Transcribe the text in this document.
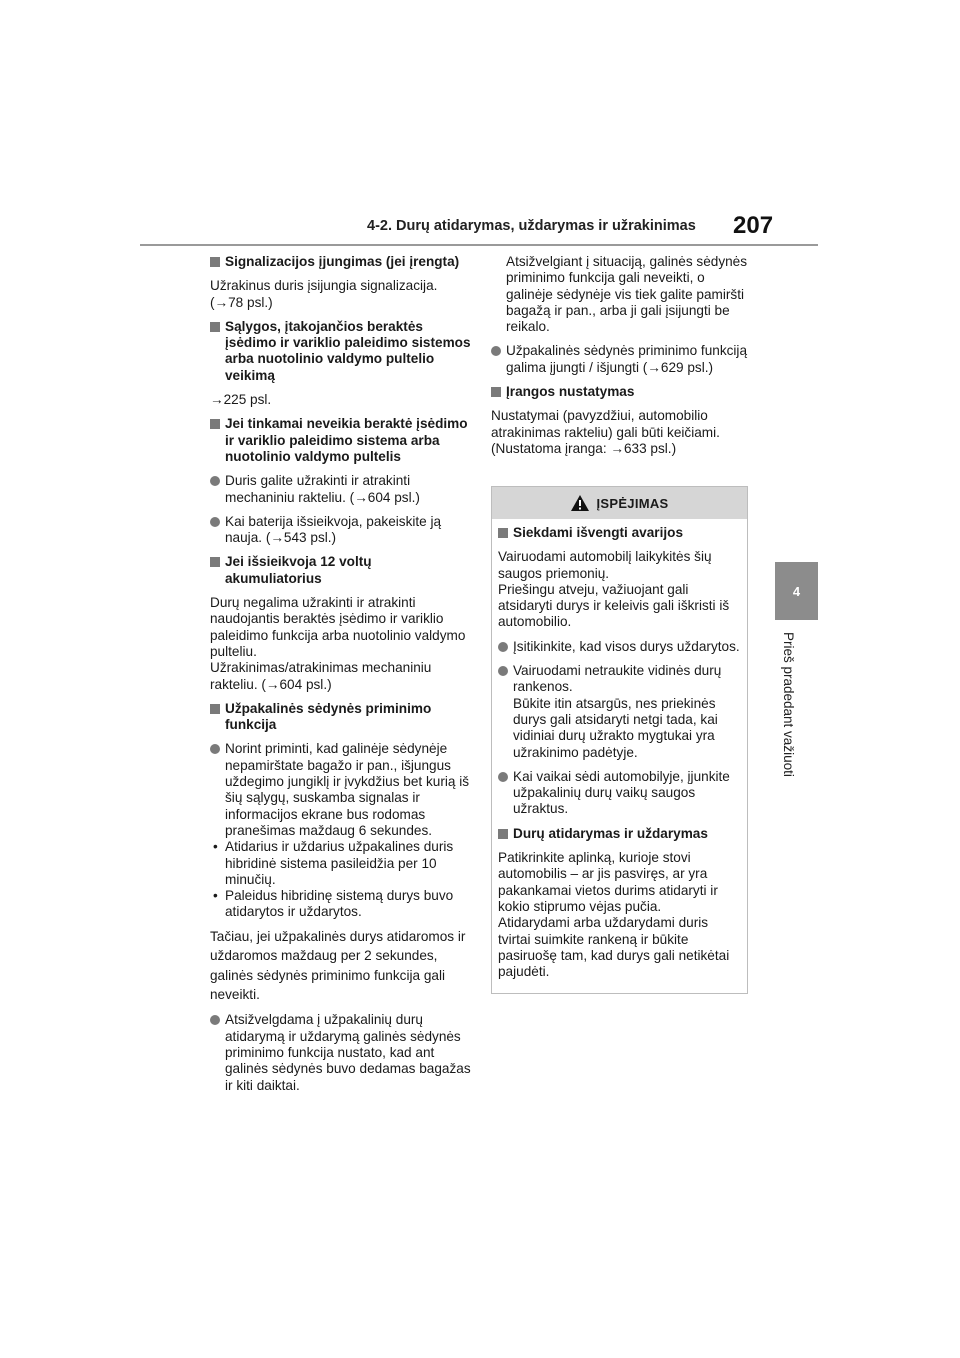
4-2. Durų atidarymas, uždarymas ir užrakinimas 207
4
Prieš pradedant važiuoti
Signalizacijos įjungimas (jei įrengta)
Užrakinus duris įsijungia signalizacija.
(→78 psl.)
Sąlygos, įtakojančios beraktės įsėdimo ir variklio paleidimo sistemos arba nuotolinio valdymo pultelio veikimą
→225 psl.
Jei tinkamai neveikia beraktė įsėdimo ir variklio paleidimo sistema arba nuotolinio valdymo pultelis
Duris galite užrakinti ir atrakinti mechaniniu rakteliu. (→604 psl.)
Kai baterija išsieikvoja, pakeiskite ją nauja. (→543 psl.)
Jei išsieikvoja 12 voltų akumuliatorius
Durų negalima užrakinti ir atrakinti naudojantis beraktės įsėdimo ir variklio paleidimo funkcija arba nuotolinio valdymo pulteliu.
Užrakinimas/atrakinimas mechaniniu rakteliu. (→604 psl.)
Užpakalinės sėdynės priminimo funkcija
Norint priminti, kad galinėje sėdynėje nepamirštate bagažo ir pan., išjungus uždegimo jungiklį ir įvykdžius bet kurią iš šių sąlygų, suskamba signalas ir informacijos ekrane bus rodomas pranešimas maždaug 6 sekundes.
• Atidarius ir uždarius užpakalines duris hibridinė sistema pasileidžia per 10 minučių.
• Paleidus hibridinę sistemą durys buvo atidarytos ir uždarytos.
Tačiau, jei užpakalinės durys atidaromos ir uždaromos maždaug per 2 sekundes, galinės sėdynės priminimo funkcija gali neveikti.
Atsižvelgdama į užpakalinių durų atidarymą ir uždarymą galinės sėdynės priminimo funkcija nustato, kad ant galinės sėdynės buvo dedamas bagažas ir kiti daiktai.
Atsižvelgiant į situaciją, galinės sėdynės priminimo funkcija gali neveikti, o galinėje sėdynėje vis tiek galite pamiršti bagažą ir pan., arba ji gali įsijungti be reikalo.
Užpakalinės sėdynės priminimo funkciją galima įjungti / išjungti (→629 psl.)
Įrangos nustatymas
Nustatymai (pavyzdžiui, automobilio atrakinimas rakteliu) gali būti keičiami.
(Nustatoma įranga: →633 psl.)
ĮSPĖJIMAS
Siekdami išvengti avarijos
Vairuodami automobilį laikykitės šių saugos priemonių.
Priešingu atveju, važiuojant gali atsidaryti durys ir keleivis gali iškristi iš automobilio.
Įsitikinkite, kad visos durys uždarytos.
Vairuodami netraukite vidinės durų rankenos.
Būkite itin atsargūs, nes priekinės durys gali atsidaryti netgi tada, kai vidiniai durų užrakto mygtukai yra užrakinimo padėtyje.
Kai vaikai sėdi automobilyje, įjunkite užpakalinių durų vaikų saugos užraktus.
Durų atidarymas ir uždarymas
Patikrinkite aplinką, kurioje stovi automobilis – ar jis pasviręs, ar yra pakankamai vietos durims atidaryti ir kokio stiprumo vėjas pučia.
Atidarydami arba uždarydami duris tvirtai suimkite rankeną ir būkite pasiruošę tam, kad durys gali netikėtai pajudėti.
